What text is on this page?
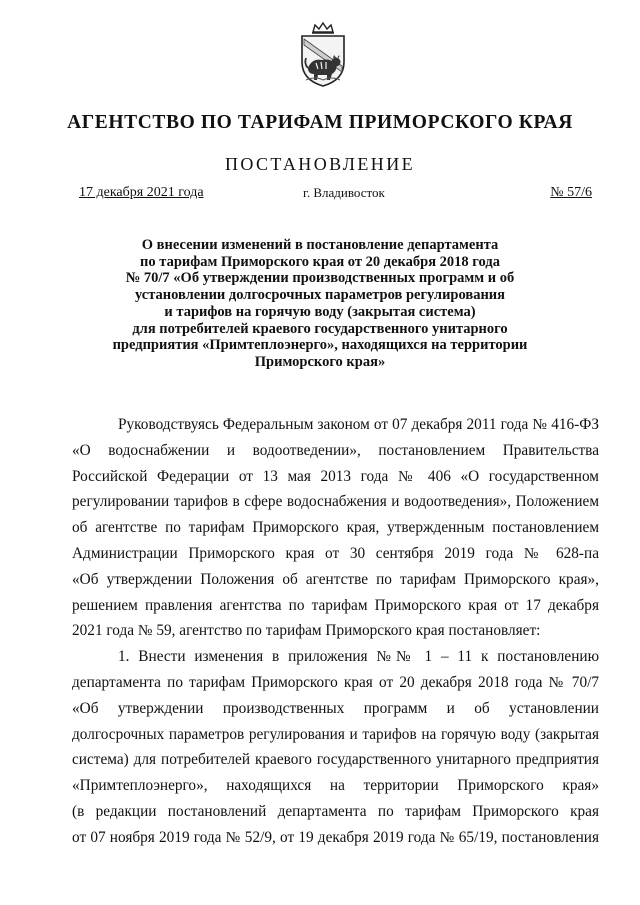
АГЕНТСТВО ПО ТАРИФАМ ПРИМОРСКОГО КРАЯ
ПОСТАНОВЛЕНИЕ
17 декабря 2021 года	г. Владивосток	№ 57/6
О внесении изменений в постановление департамента
по тарифам Приморского края от 20 декабря 2018 года
№ 70/7 «Об утверждении производственных программ и об
установлении долгосрочных параметров регулирования
и тарифов на горячую воду (закрытая система)
для потребителей краевого государственного унитарного
предприятия «Примтеплоэнерго», находящихся на территории
Приморского края»
Руководствуясь Федеральным законом от 07 декабря 2011 года № 416-ФЗ
«О водоснабжении и водоотведении», постановлением Правительства
Российской Федерации от 13 мая 2013 года № 406 «О государственном
регулировании тарифов в сфере водоснабжения и водоотведения», Положением
об агентстве по тарифам Приморского края, утвержденным постановлением
Администрации Приморского края от 30 сентября 2019 года № 628-па
«Об утверждении Положения об агентстве по тарифам Приморского края»,
решением правления агентства по тарифам Приморского края от 17 декабря
2021 года № 59, агентство по тарифам Приморского края постановляет:
1. Внести изменения в приложения №№ 1 – 11 к постановлению
департамента по тарифам Приморского края от 20 декабря 2018 года № 70/7
«Об утверждении производственных программ и об установлении
долгосрочных параметров регулирования и тарифов на горячую воду (закрытая
система) для потребителей краевого государственного унитарного предприятия
«Примтеплоэнерго», находящихся на территории Приморского края»
(в редакции постановлений департамента по тарифам Приморского края
от 07 ноября 2019 года № 52/9, от 19 декабря 2019 года № 65/19, постановления
